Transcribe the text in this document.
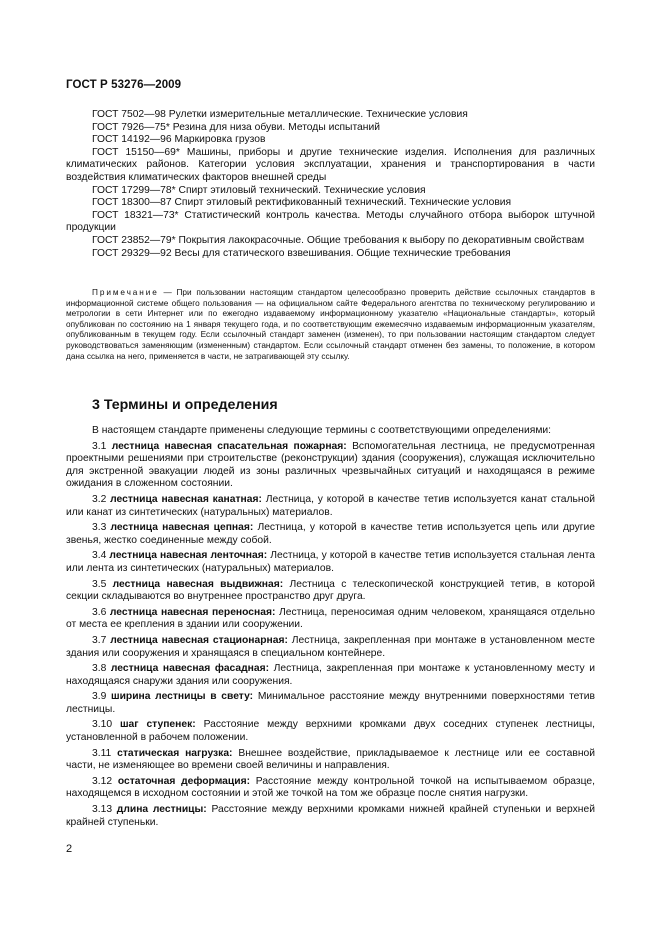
ГОСТ Р 53276—2009

ГОСТ 7502—98 Рулетки измерительные металлические. Технические условия

ГОСТ 7926—75* Резина для низа обуви. Методы испытаний

ГОСТ 14192—96 Маркировка грузов

ГОСТ 15150—69* Машины, приборы и другие технические изделия. Исполнения для различных климатических районов. Категории условия эксплуатации, хранения и транспортирования в части воздействия климатических факторов внешней среды

ГОСТ 17299—78* Спирт этиловый технический. Технические условия

ГОСТ 18300—87 Спирт этиловый ректификованный технический. Технические условия

ГОСТ 18321—73* Статистический контроль качества. Методы случайного отбора выборок штучной продукции

ГОСТ 23852—79* Покрытия лакокрасочные. Общие требования к выбору по декоративным свойствам

ГОСТ 29329—92 Весы для статического взвешивания. Общие технические требования

Примечание — При пользовании настоящим стандартом целесообразно проверить действие ссылочных стандартов в информационной системе общего пользования — на официальном сайте Федерального агентства по техническому регулированию и метрологии в сети Интернет или по ежегодно издаваемому информационному указателю «Национальные стандарты», который опубликован по состоянию на 1 января текущего года, и по соответствующим ежемесячно издаваемым информационным указателям, опубликованным в текущем году. Если ссылочный стандарт заменен (изменен), то при пользовании настоящим стандартом следует руководствоваться заменяющим (измененным) стандартом. Если ссылочный стандарт отменен без замены, то положение, в котором дана ссылка на него, применяется в части, не затрагивающей эту ссылку.

3 Термины и определения

В настоящем стандарте применены следующие термины с соответствующими определениями:

3.1 лестница навесная спасательная пожарная: Вспомогательная лестница, не предусмотренная проектными решениями при строительстве (реконструкции) здания (сооружения), служащая исключительно для экстренной эвакуации людей из зоны различных чрезвычайных ситуаций и находящаяся в режиме ожидания в сложенном состоянии.

3.2 лестница навесная канатная: Лестница, у которой в качестве тетив используется канат стальной или канат из синтетических (натуральных) материалов.

3.3 лестница навесная цепная: Лестница, у которой в качестве тетив используется цепь или другие звенья, жестко соединенные между собой.

3.4 лестница навесная ленточная: Лестница, у которой в качестве тетив используется стальная лента или лента из синтетических (натуральных) материалов.

3.5 лестница навесная выдвижная: Лестница с телескопической конструкцией тетив, в которой секции складываются во внутреннее пространство друг друга.

3.6 лестница навесная переносная: Лестница, переносимая одним человеком, хранящаяся отдельно от места ее крепления в здании или сооружении.

3.7 лестница навесная стационарная: Лестница, закрепленная при монтаже в установленном месте здания или сооружения и хранящаяся в специальном контейнере.

3.8 лестница навесная фасадная: Лестница, закрепленная при монтаже к установленному месту и находящаяся снаружи здания или сооружения.

3.9 ширина лестницы в свету: Минимальное расстояние между внутренними поверхностями тетив лестницы.

3.10 шаг ступенек: Расстояние между верхними кромками двух соседних ступенек лестницы, установленной в рабочем положении.

3.11 статическая нагрузка: Внешнее воздействие, прикладываемое к лестнице или ее составной части, не изменяющее во времени своей величины и направления.

3.12 остаточная деформация: Расстояние между контрольной точкой на испытываемом образце, находящемся в исходном состоянии и этой же точкой на том же образце после снятия нагрузки.

3.13 длина лестницы: Расстояние между верхними кромками нижней крайней ступеньки и верхней крайней ступеньки.

2
